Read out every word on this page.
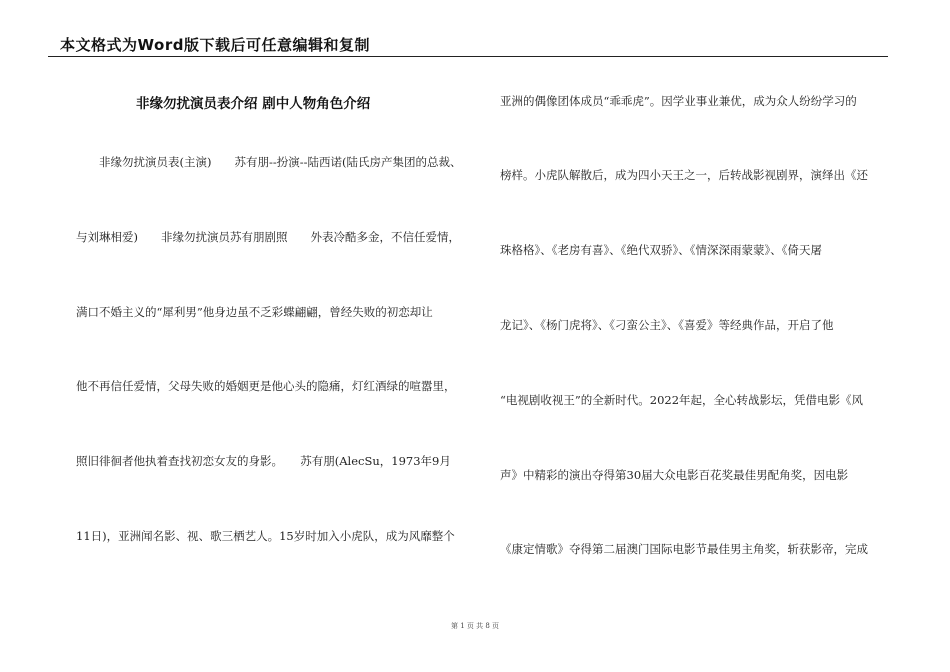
本文格式为Word版下载后可任意编辑和复制
非缘勿扰演员表介绍 剧中人物角色介绍
　　非缘勿扰演员表(主演)　　苏有朋--扮演--陆西诺(陆氏房产集团的总裁、
与刘琳相爱)　　非缘勿扰演员苏有朋剧照　　外表冷酷多金，不信任爱情，
满口不婚主义的“犀利男”他身边虽不乏彩蝶翩翩，曾经失败的初恋却让
他不再信任爱情，父母失败的婚姻更是他心头的隐痛，灯红酒绿的喧嚣里，
照旧徘徊者他执着查找初恋女友的身影。　　苏有朋(AlecSu，1973年9月
11日)，亚洲闻名影、视、歌三栖艺人。15岁时加入小虎队，成为风靡整个
亚洲的偶像团体成员“乖乖虎”。因学业事业兼优，成为众人纷纷学习的
榜样。小虎队解散后，成为四小天王之一，后转战影视剧界，演绎出《还
珠格格》、《老房有喜》、《绝代双骄》、《情深深雨蒙蒙》、《倚天屠
龙记》、《杨门虎将》、《刁蛮公主》、《喜爱》等经典作品，开启了他
“电视剧收视王”的全新时代。2022年起，全心转战影坛，凭借电影《风
声》中精彩的演出夺得第30届大众电影百花奖最佳男配角奖，因电影
《康定情歌》夺得第二届澳门国际电影节最佳男主角奖，斩获影帝，完成
第 1 页 共 8 页
